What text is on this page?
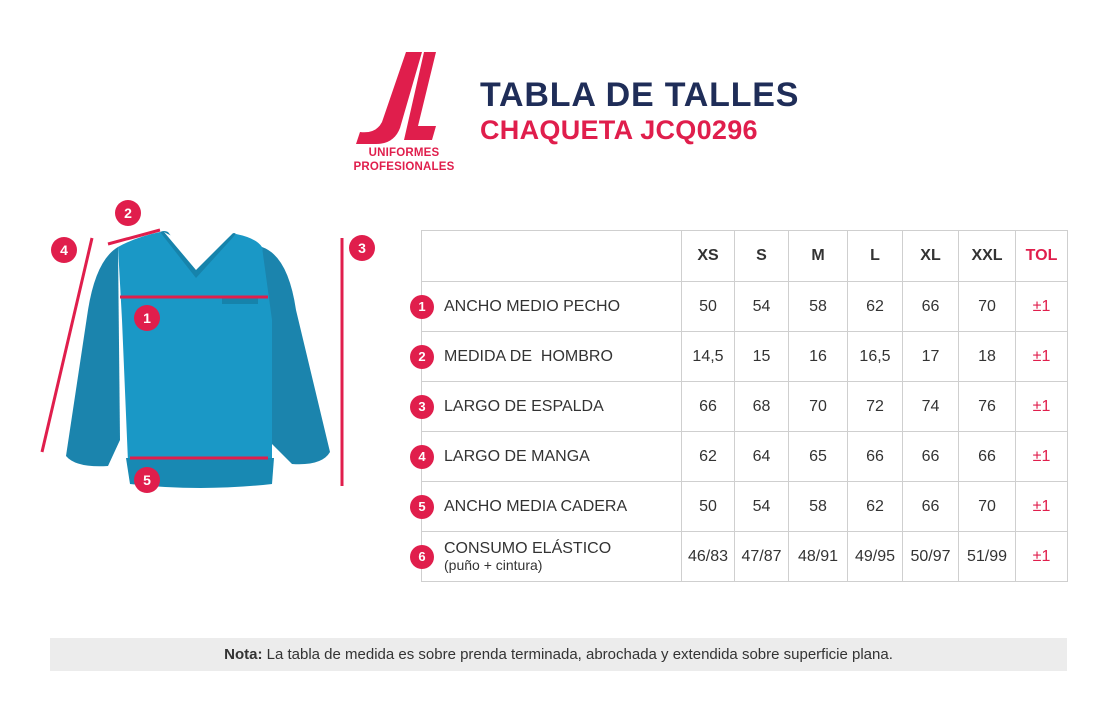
UNIFORMES
PROFESIONALES
TABLA DE TALLES
CHAQUETA JCQ0296
1
2
3
4
5
	XS	S	M	L	XL	XXL	TOL

1 ANCHO MEDIO PECHO	50	54	58	62	66	70	±1

2 MEDIDA DE  HOMBRO	14,5	15	16	16,5	17	18	±1

3 LARGO DE ESPALDA	66	68	70	72	74	76	±1

4 LARGO DE MANGA	62	64	65	66	66	66	±1

5 ANCHO MEDIA CADERA	50	54	58	62	66	70	±1

6 CONSUMO ELÁSTICO
(puño + cintura)	46/83	47/87	48/91	49/95	50/97	51/99	±1
Nota: La tabla de medida es sobre prenda terminada, abrochada y extendida sobre superficie plana.
